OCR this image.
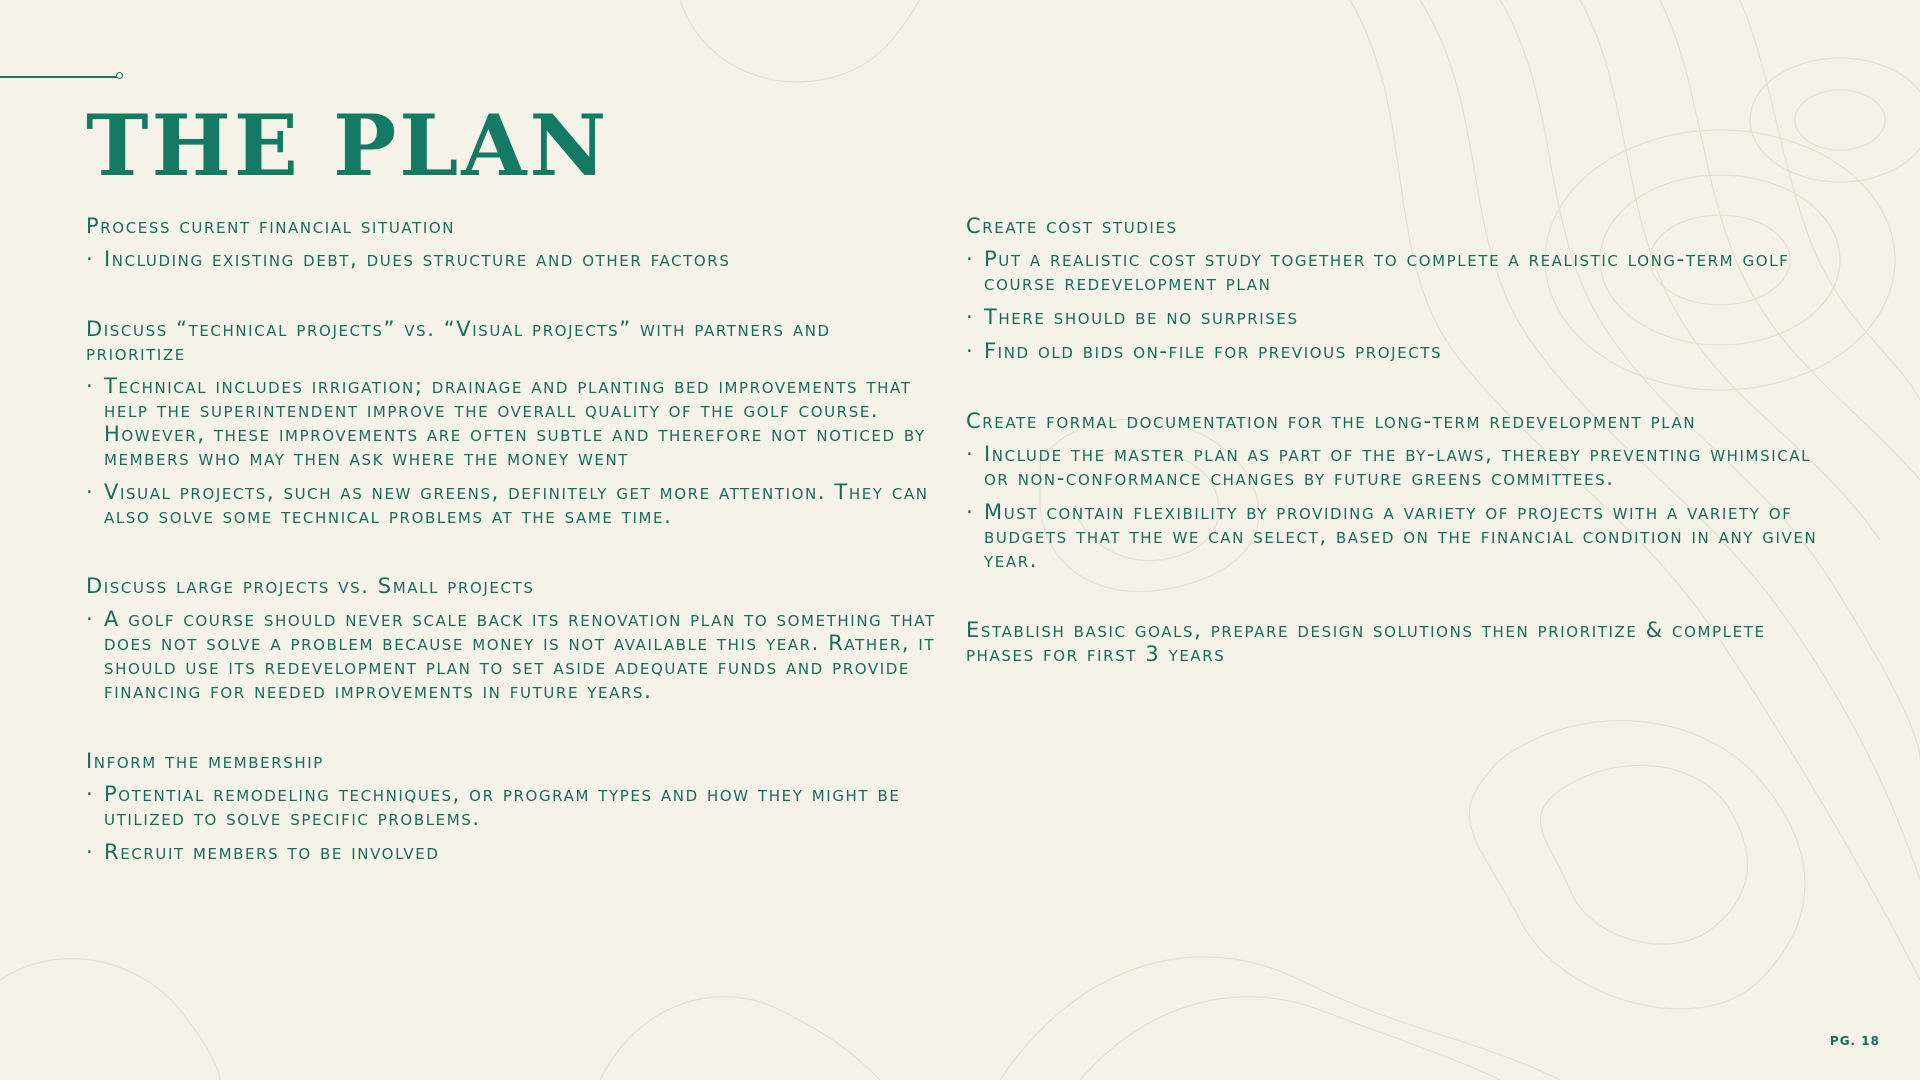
THE PLAN

Process curent financial situation

· Including existing debt, dues structure and other factors

Discuss “technical projects” vs. “Visual projects” with partners and prioritize

· Technical includes irrigation; drainage and planting bed improvements that help the superintendent improve the overall quality of the golf course. However, these improvements are often subtle and therefore not noticed by members who may then ask where the money went
· Visual projects, such as new greens, definitely get more attention. They can also solve some technical problems at the same time.

Discuss large projects vs. Small projects

· A golf course should never scale back its renovation plan to something that does not solve a problem because money is not available this year. Rather, it should use its redevelopment plan to set aside adequate funds and provide financing for needed improvements in future years.

Inform the membership

· Potential remodeling techniques, or program types and how they might be utilized to solve specific problems.
· Recruit members to be involved

Create cost studies

· Put a realistic cost study together to complete a realistic long-term golf course redevelopment plan
· There should be no surprises
· Find old bids on-file for previous projects

Create formal documentation for the long-term redevelopment plan

· Include the master plan as part of the by-laws, thereby preventing whimsical or non-conformance changes by future greens committees.
· Must contain flexibility by providing a variety of projects with a variety of budgets that the we can select, based on the financial condition in any given year.

Establish basic goals, prepare design solutions then prioritize & complete phases for first 3 years

PG. 18
